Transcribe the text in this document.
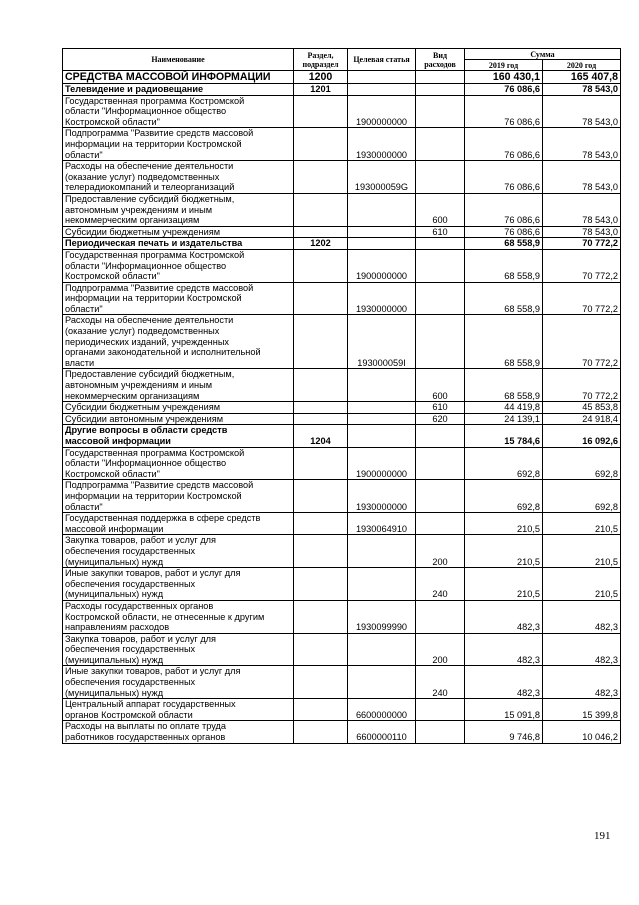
Наименование	Раздел, подраздел	Целевая статья	Вид расходов	Сумма	
				2019 год	2020 год
СРЕДСТВА МАССОВОЙ ИНФОРМАЦИИ	1200			160 430,1	165 407,8
Телевидение и радиовещание	1201			76 086,6	78 543,0
Государственная программа Костромской
области "Информационное общество
Костромской области"		1900000000		76 086,6	78 543,0
Подпрограмма "Развитие средств массовой
информации на территории Костромской
области"		1930000000		76 086,6	78 543,0
Расходы на обеспечение деятельности
(оказание услуг) подведомственных
телерадиокомпаний и телеорганизаций		193000059G		76 086,6	78 543,0
Предоставление субсидий бюджетным,
автономным учреждениям и иным
некоммерческим организациям			600	76 086,6	78 543,0
Субсидии бюджетным учреждениям			610	76 086,6	78 543,0
Периодическая печать и издательства	1202			68 558,9	70 772,2
Государственная программа Костромской
области "Информационное общество
Костромской области"		1900000000		68 558,9	70 772,2
Подпрограмма "Развитие средств массовой
информации на территории Костромской
области"		1930000000		68 558,9	70 772,2
Расходы на обеспечение деятельности
(оказание услуг) подведомственных
периодических изданий, учрежденных
органами законодательной и исполнительной
власти		193000059I		68 558,9	70 772,2
Предоставление субсидий бюджетным,
автономным учреждениям и иным
некоммерческим организациям			600	68 558,9	70 772,2
Субсидии бюджетным учреждениям			610	44 419,8	45 853,8
Субсидии автономным учреждениям			620	24 139,1	24 918,4
Другие вопросы в области средств
массовой информации	1204			15 784,6	16 092,6
Государственная программа Костромской
области "Информационное общество
Костромской области"		1900000000		692,8	692,8
Подпрограмма "Развитие средств массовой
информации на территории Костромской
области"		1930000000		692,8	692,8
Государственная поддержка в сфере средств
массовой информации		1930064910		210,5	210,5
Закупка товаров, работ и услуг для
обеспечения государственных
(муниципальных) нужд			200	210,5	210,5
Иные закупки товаров, работ и услуг для
обеспечения государственных
(муниципальных) нужд			240	210,5	210,5
Расходы государственных органов
Костромской области, не отнесенные к другим
направлениям расходов		1930099990		482,3	482,3
Закупка товаров, работ и услуг для
обеспечения государственных
(муниципальных) нужд			200	482,3	482,3
Иные закупки товаров, работ и услуг для
обеспечения государственных
(муниципальных) нужд			240	482,3	482,3
Центральный аппарат государственных
органов Костромской области		6600000000		15 091,8	15 399,8
Расходы на выплаты по оплате труда
работников государственных органов		6600000110		9 746,8	10 046,2
191
